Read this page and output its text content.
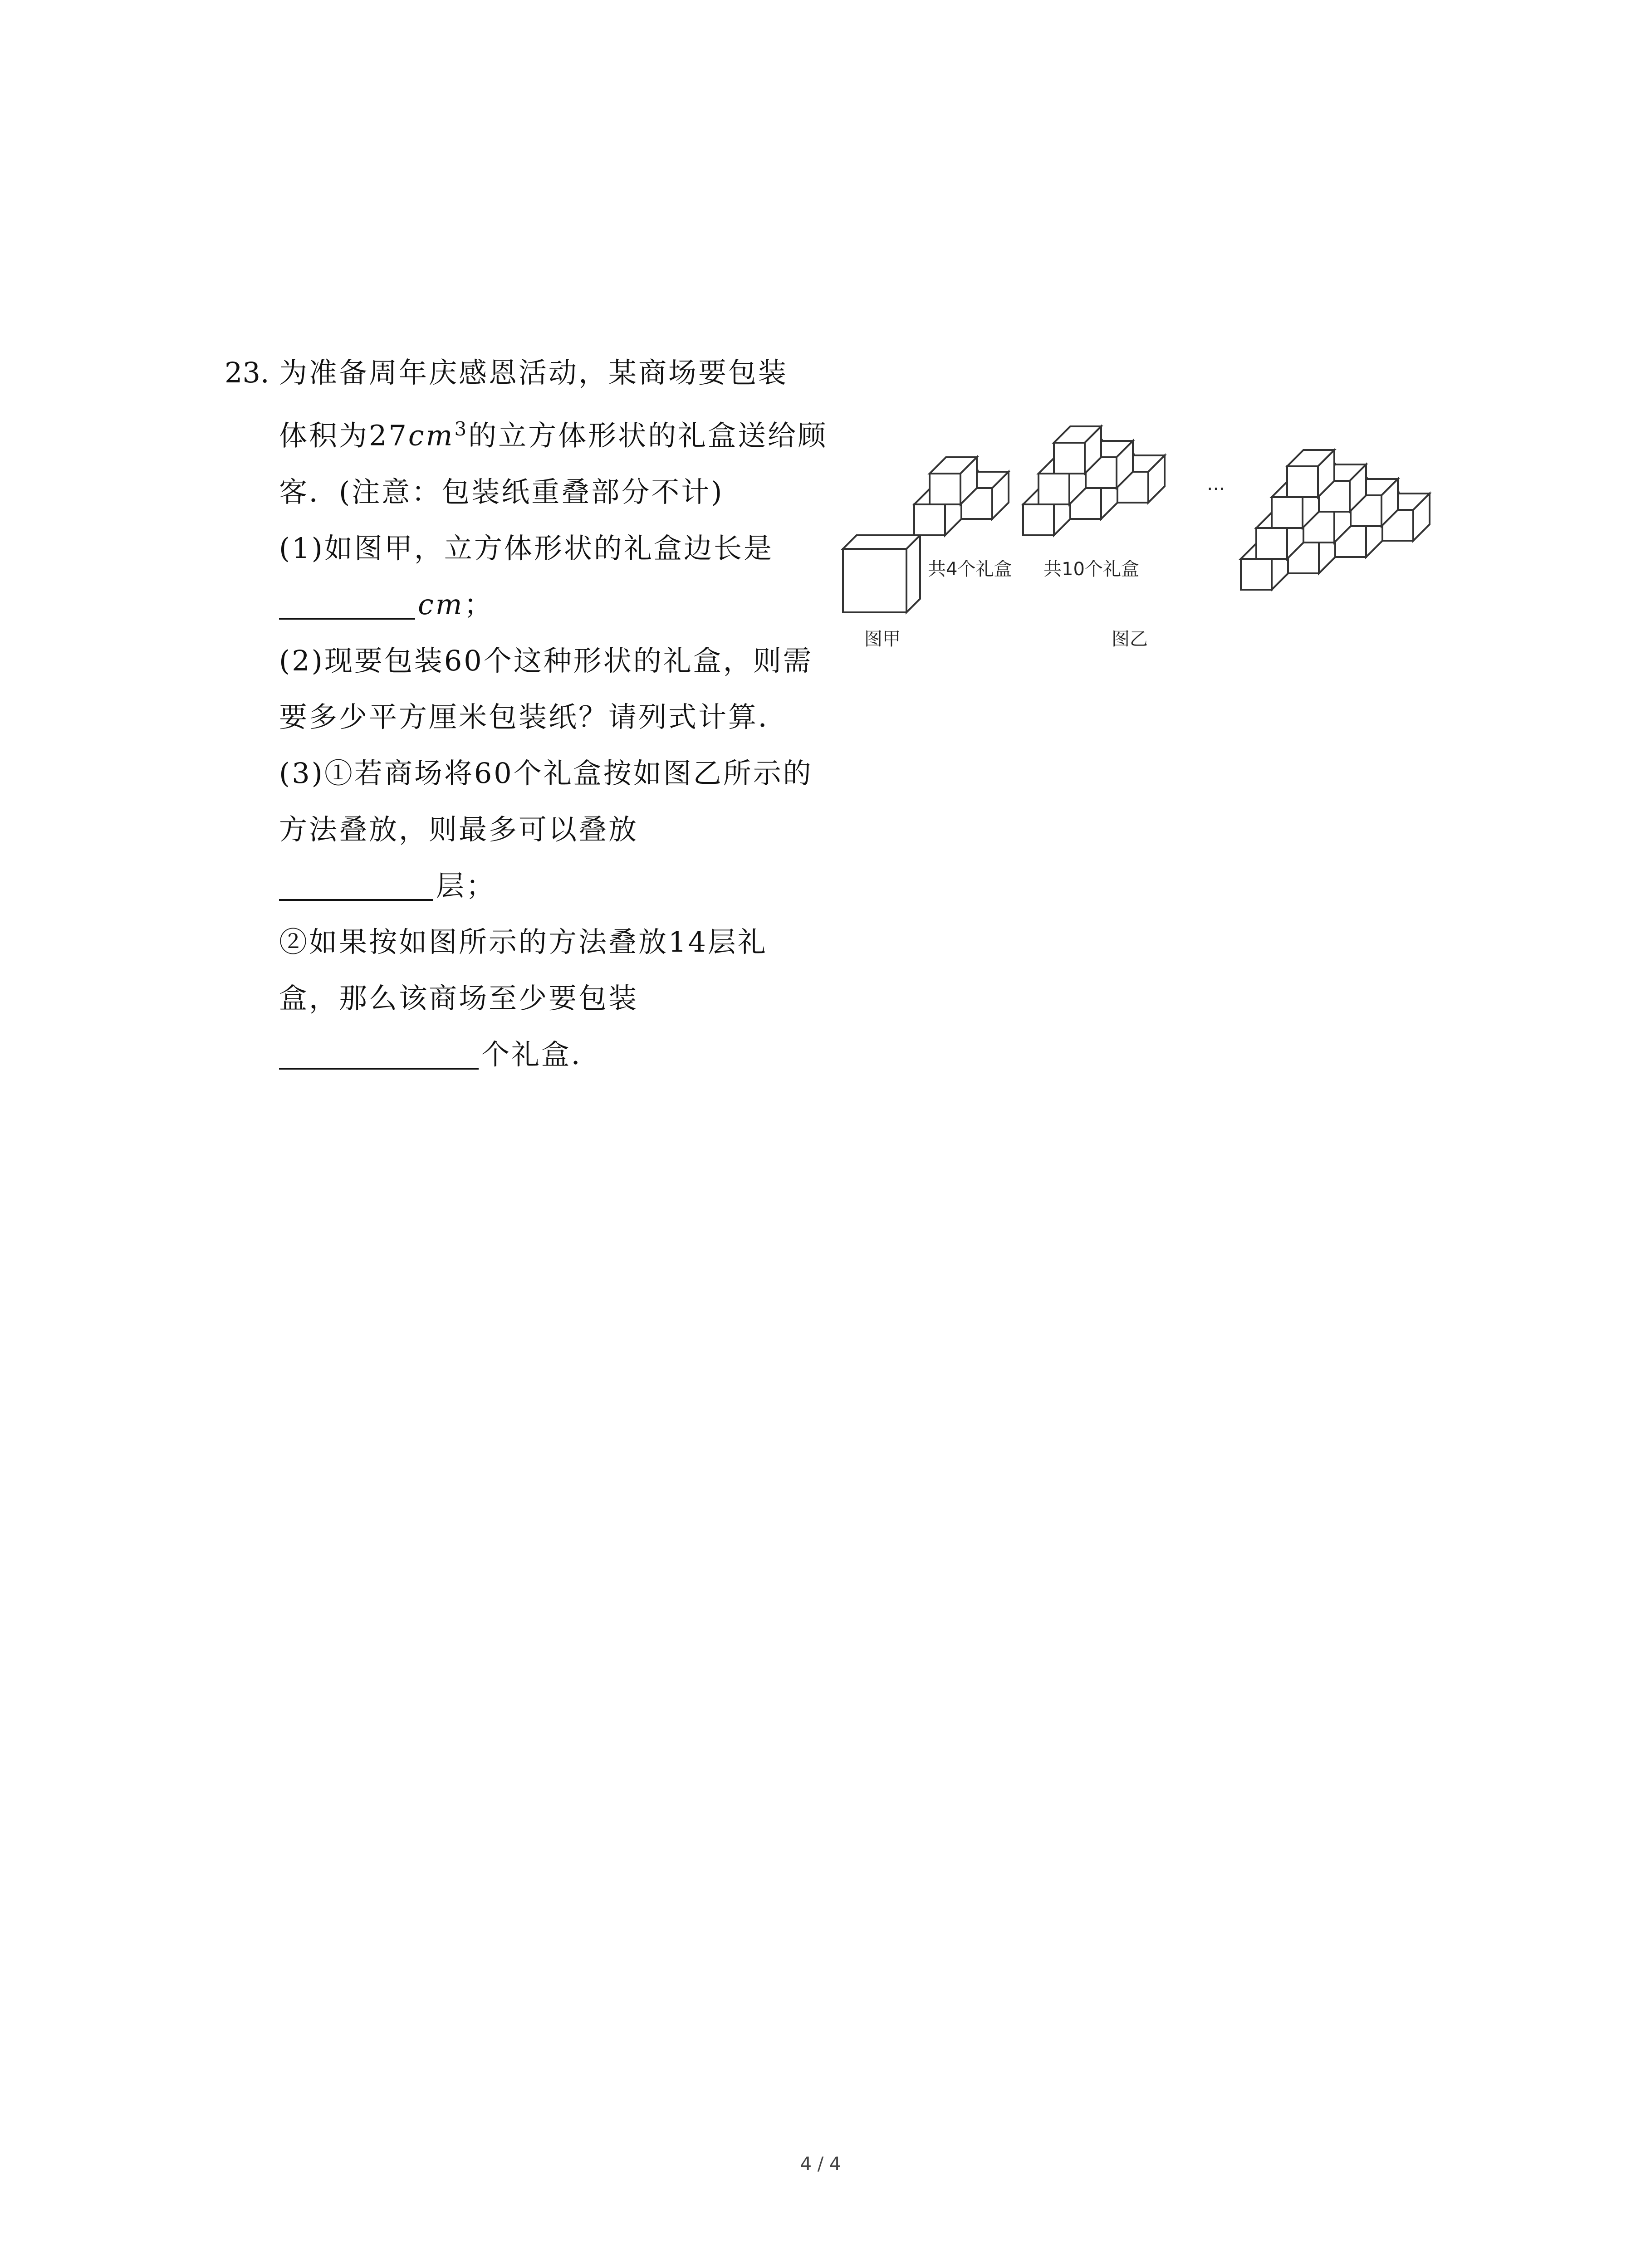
23. 为准备周年庆感恩活动，某商场要包装
体积为$27cm^3$的立方体形状的礼盒送给顾
客．(注意：包装纸重叠部分不计)
(1)如图甲，立方体形状的礼盒边长是
cm；
(2)现要包装60个这种形状的礼盒，则需
要多少平方厘米包装纸？请列式计算．
(3)①若商场将60个礼盒按如图乙所示的
方法叠放，则最多可以叠放
层；
②如果按如图所示的方法叠放14层礼
盒，那么该商场至少要包装
个礼盒．
图甲
共4个礼盒 共10个礼盒
图乙
…
4 / 4
